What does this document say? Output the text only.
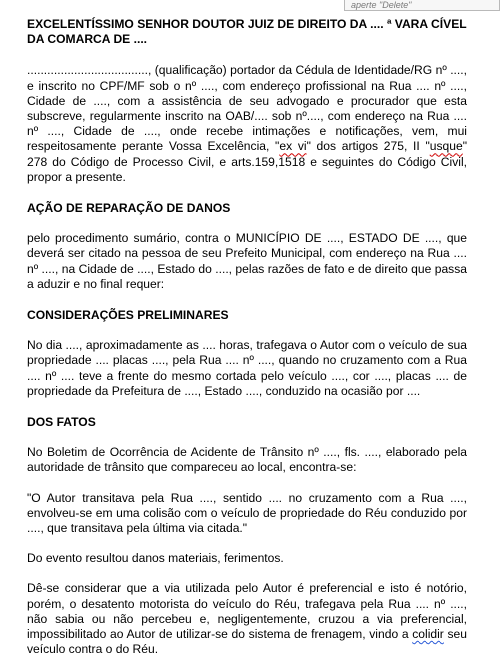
aperte "Delete"

EXCELENTÍSSIMO SENHOR DOUTOR JUIZ DE DIREITO DA .... ª VARA CÍVEL DA COMARCA DE ....

...................................., (qualificação) portador da Cédula de Identidade/RG nº ...., e inscrito no CPF/MF sob o nº ...., com endereço profissional na Rua .... nº ...., Cidade de ...., com a assistência de seu advogado e procurador que esta subscreve, regularmente inscrito na OAB/.... sob nº...., com endereço na Rua .... nº ...., Cidade de ...., onde recebe intimações e notificações, vem, mui respeitosamente perante Vossa Excelência, "ex vi" dos artigos 275, II "usque" 278 do Código de Processo Civil, e arts.159,1518 e seguintes do Código Civil, propor a presente.

AÇÃO DE REPARAÇÃO DE DANOS

pelo procedimento sumário, contra o MUNICÍPIO DE ...., ESTADO DE ...., que deverá ser citado na pessoa de seu Prefeito Municipal, com endereço na Rua .... nº ...., na Cidade de ...., Estado do ...., pelas razões de fato e de direito que passa a aduzir e no final requer:

CONSIDERAÇÕES PRELIMINARES

No dia ...., aproximadamente as .... horas, trafegava o Autor com o veículo de sua propriedade .... placas ...., pela Rua .... nº ...., quando no cruzamento com a Rua .... nº .... teve a frente do mesmo cortada pelo veículo ...., cor ...., placas .... de propriedade da Prefeitura de ...., Estado ...., conduzido na ocasião por ....

DOS FATOS

No Boletim de Ocorrência de Acidente de Trânsito nº ...., fls. ...., elaborado pela autoridade de trânsito que compareceu ao local, encontra-se:

"O Autor transitava pela Rua ...., sentido .... no cruzamento com a Rua ...., envolveu-se em uma colisão com o veículo de propriedade do Réu conduzido por ...., que transitava pela última via citada."

Do evento resultou danos materiais, ferimentos.

Dê-se considerar que a via utilizada pelo Autor é preferencial e isto é notório, porém, o desatento motorista do veículo do Réu, trafegava pela Rua .... nº ...., não sabia ou não percebeu e, negligentemente, cruzou a via preferencial, impossibilitado ao Autor de utilizar-se do sistema de frenagem, vindo a colidir seu veículo contra o do Réu.
